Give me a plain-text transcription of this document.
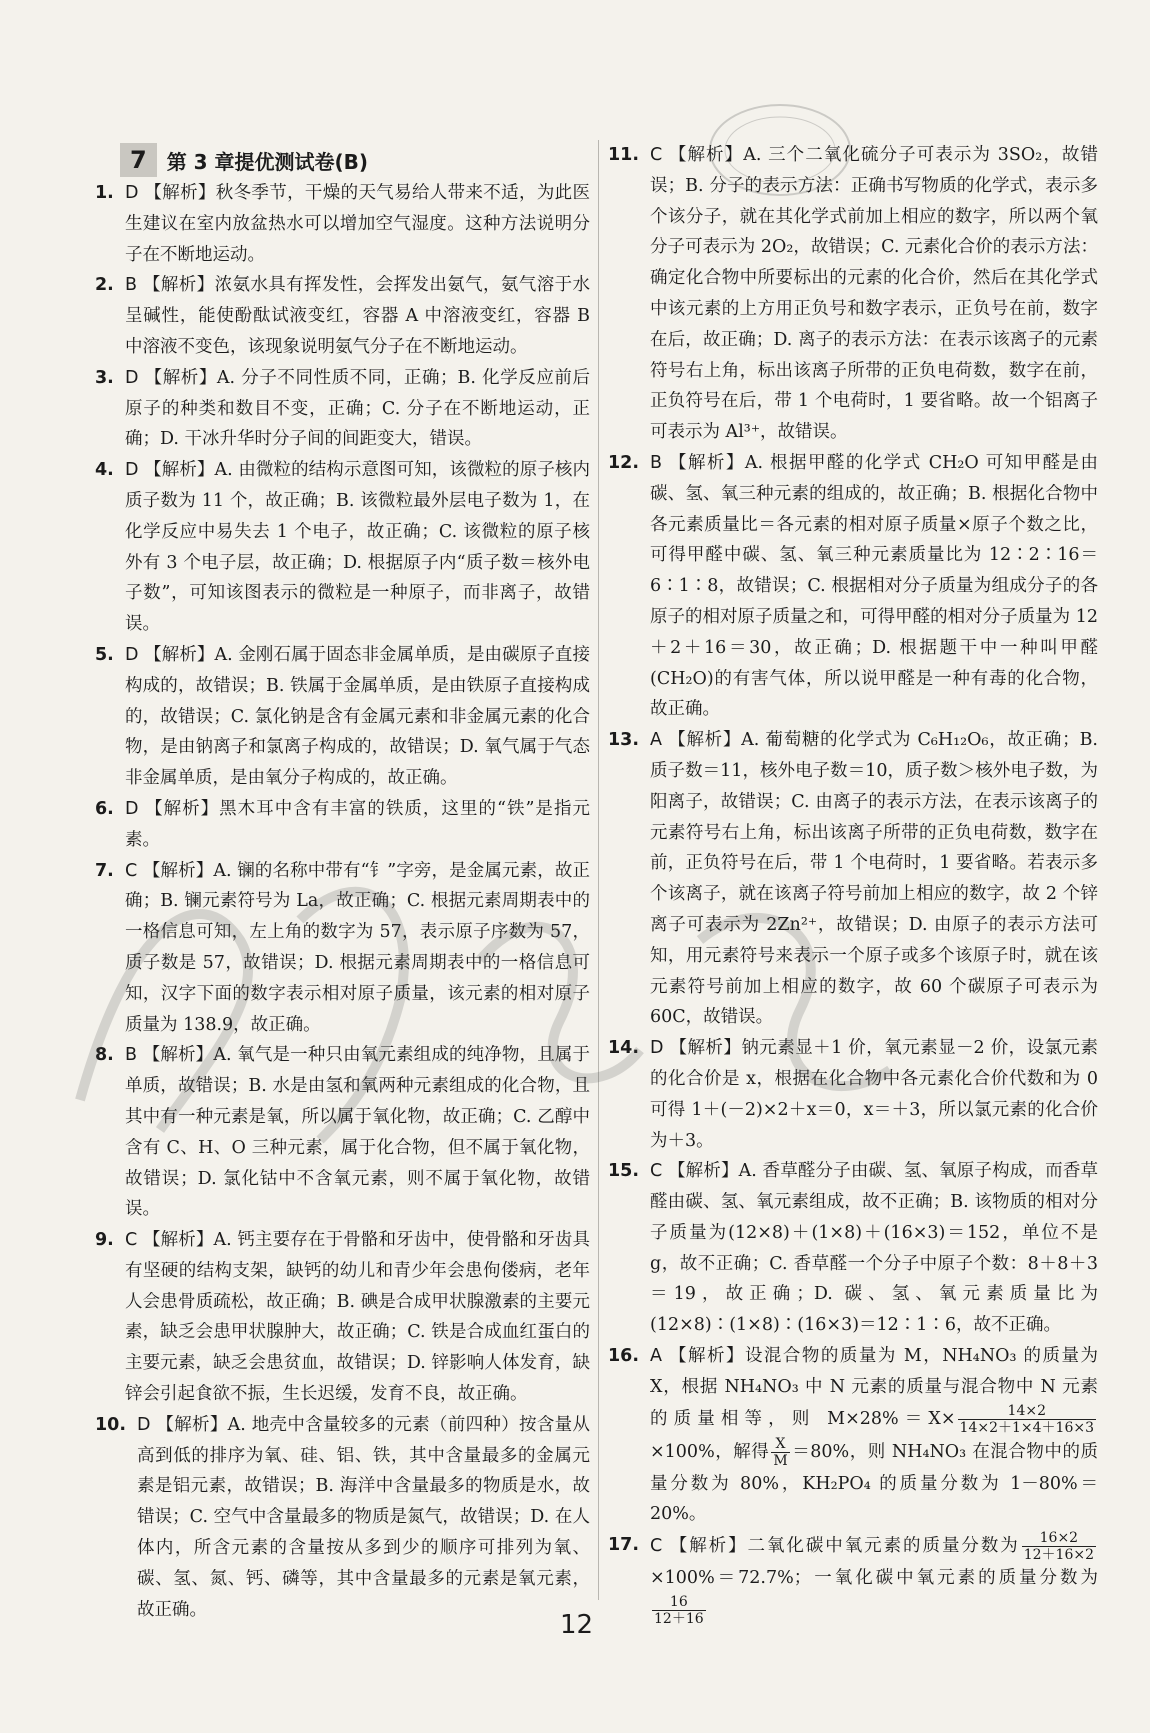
7	第 3 章提优测试卷(B)

1. D 【解析】秋冬季节，干燥的天气易给人带来不适，为此医生建议在室内放盆热水可以增加空气湿度。这种方法说明分子在不断地运动。

2. B 【解析】浓氨水具有挥发性，会挥发出氨气，氨气溶于水呈碱性，能使酚酞试液变红，容器 A 中溶液变红，容器 B 中溶液不变色，该现象说明氨气分子在不断地运动。

3. D 【解析】A. 分子不同性质不同，正确；B. 化学反应前后原子的种类和数目不变，正确；C. 分子在不断地运动，正确；D. 干冰升华时分子间的间距变大，错误。

4. D 【解析】A. 由微粒的结构示意图可知，该微粒的原子核内质子数为 11 个，故正确；B. 该微粒最外层电子数为 1，在化学反应中易失去 1 个电子，故正确；C. 该微粒的原子核外有 3 个电子层，故正确；D. 根据原子内“质子数＝核外电子数”，可知该图表示的微粒是一种原子，而非离子，故错误。

5. D 【解析】A. 金刚石属于固态非金属单质，是由碳原子直接构成的，故错误；B. 铁属于金属单质，是由铁原子直接构成的，故错误；C. 氯化钠是含有金属元素和非金属元素的化合物，是由钠离子和氯离子构成的，故错误；D. 氧气属于气态非金属单质，是由氧分子构成的，故正确。

6. D 【解析】黑木耳中含有丰富的铁质，这里的“铁”是指元素。

7. C 【解析】A. 镧的名称中带有“钅”字旁，是金属元素，故正确；B. 镧元素符号为 La，故正确；C. 根据元素周期表中的一格信息可知，左上角的数字为 57，表示原子序数为 57，质子数是 57，故错误；D. 根据元素周期表中的一格信息可知，汉字下面的数字表示相对原子质量，该元素的相对原子质量为 138.9，故正确。

8. B 【解析】A. 氧气是一种只由氧元素组成的纯净物，且属于单质，故错误；B. 水是由氢和氧两种元素组成的化合物，且其中有一种元素是氧，所以属于氧化物，故正确；C. 乙醇中含有 C、H、O 三种元素，属于化合物，但不属于氧化物，故错误；D. 氯化钴中不含氧元素，则不属于氧化物，故错误。

9. C 【解析】A. 钙主要存在于骨骼和牙齿中，使骨骼和牙齿具有坚硬的结构支架，缺钙的幼儿和青少年会患佝偻病，老年人会患骨质疏松，故正确；B. 碘是合成甲状腺激素的主要元素，缺乏会患甲状腺肿大，故正确；C. 铁是合成血红蛋白的主要元素，缺乏会患贫血，故错误；D. 锌影响人体发育，缺锌会引起食欲不振，生长迟缓，发育不良，故正确。

10. D 【解析】A. 地壳中含量较多的元素（前四种）按含量从高到低的排序为氧、硅、铝、铁，其中含量最多的金属元素是铝元素，故错误；B. 海洋中含量最多的物质是水，故错误；C. 空气中含量最多的物质是氮气，故错误；D. 在人体内，所含元素的含量按从多到少的顺序可排列为氧、碳、氢、氮、钙、磷等，其中含量最多的元素是氧元素，故正确。

11. C 【解析】A. 三个二氧化硫分子可表示为 3SO₂，故错误；B. 分子的表示方法：正确书写物质的化学式，表示多个该分子，就在其化学式前加上相应的数字，所以两个氧分子可表示为 2O₂，故错误；C. 元素化合价的表示方法：确定化合物中所要标出的元素的化合价，然后在其化学式中该元素的上方用正负号和数字表示，正负号在前，数字在后，故正确；D. 离子的表示方法：在表示该离子的元素符号右上角，标出该离子所带的正负电荷数，数字在前，正负符号在后，带 1 个电荷时，1 要省略。故一个铝离子可表示为 Al³⁺，故错误。

12. B 【解析】A. 根据甲醛的化学式 CH₂O 可知甲醛是由碳、氢、氧三种元素的组成的，故正确；B. 根据化合物中各元素质量比＝各元素的相对原子质量×原子个数之比，可得甲醛中碳、氢、氧三种元素质量比为 12∶2∶16＝6∶1∶8，故错误；C. 根据相对分子质量为组成分子的各原子的相对原子质量之和，可得甲醛的相对分子质量为 12＋2＋16＝30，故正确；D. 根据题干中一种叫甲醛(CH₂O)的有害气体，所以说甲醛是一种有毒的化合物，故正确。

13. A 【解析】A. 葡萄糖的化学式为 C₆H₁₂O₆，故正确；B. 质子数＝11，核外电子数＝10，质子数＞核外电子数，为阳离子，故错误；C. 由离子的表示方法，在表示该离子的元素符号右上角，标出该离子所带的正负电荷数，数字在前，正负符号在后，带 1 个电荷时，1 要省略。若表示多个该离子，就在该离子符号前加上相应的数字，故 2 个锌离子可表示为 2Zn²⁺，故错误；D. 由原子的表示方法可知，用元素符号来表示一个原子或多个该原子时，就在该元素符号前加上相应的数字，故 60 个碳原子可表示为 60C，故错误。

14. D 【解析】钠元素显＋1 价，氧元素显－2 价，设氯元素的化合价是 x，根据在化合物中各元素化合价代数和为 0 可得 1＋(－2)×2＋x＝0，x＝＋3，所以氯元素的化合价为＋3。

15. C 【解析】A. 香草醛分子由碳、氢、氧原子构成，而香草醛由碳、氢、氧元素组成，故不正确；B. 该物质的相对分子质量为(12×8)＋(1×8)＋(16×3)＝152，单位不是 g，故不正确；C. 香草醛一个分子中原子个数：8＋8＋3＝19，故正确；D. 碳、氢、氧元素质量比为(12×8)∶(1×8)∶(16×3)＝12∶1∶6，故不正确。

16. A 【解析】设混合物的质量为 M，NH₄NO₃ 的质量为 X，根据 NH₄NO₃ 中 N 元素的质量与混合物中 N 元素的质量相等，则 $M\times 28\%=X\times \frac{14\times 2}{14\times 2+1\times 4+16\times 3}$
×100%，解得 $\frac{X}{M} =80\%$，则 NH₄NO₃ 在混合物中的质量分数为 80%，KH₂PO₄ 的质量分数为 1－80%＝20%。

17. C 【解析】二氧化碳中氧元素的质量分数为 $\frac{16\times 2}{12+16\times 2}$
×100%＝72.7%；一氧化碳中氧元素的质量分数为
$\frac{16}{12+16}$

12
